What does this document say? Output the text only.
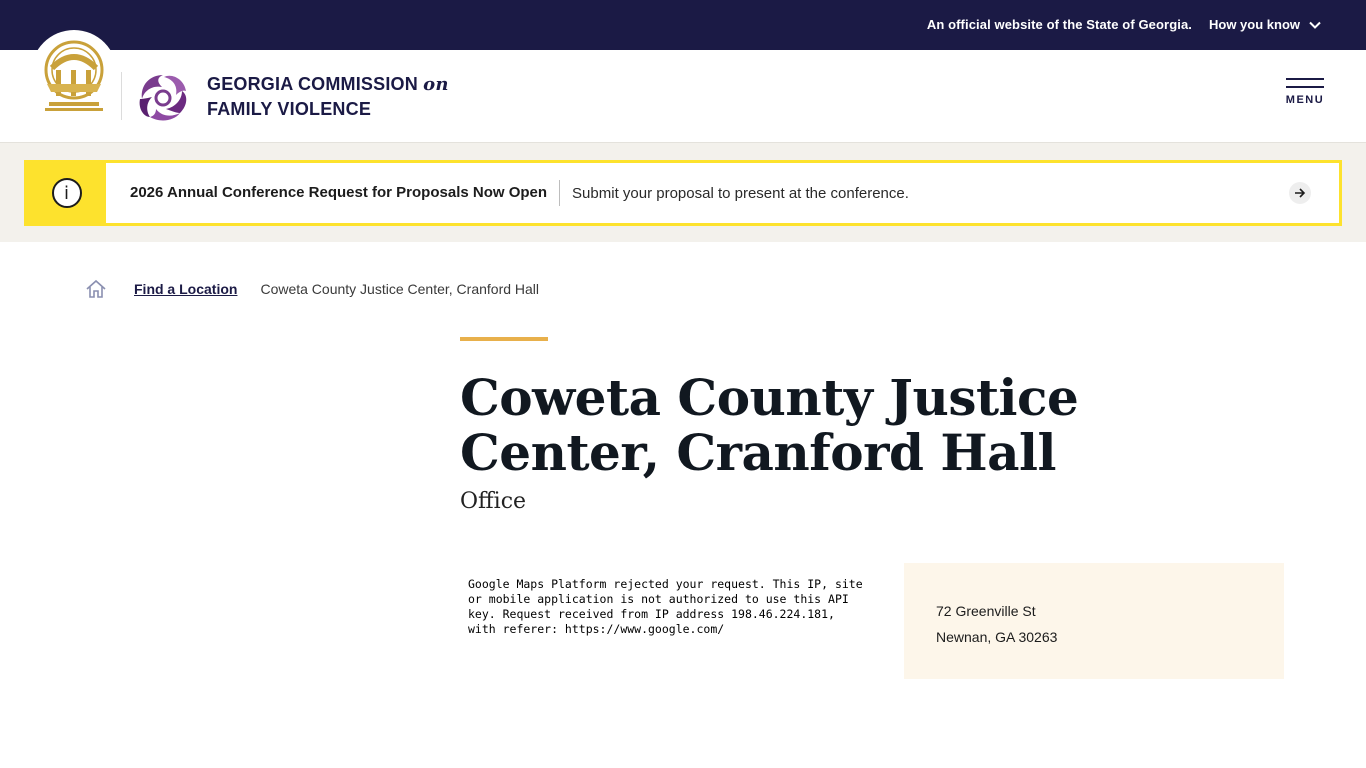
An official website of the State of Georgia. How you know
GEORGIA COMMISSION on
FAMILY VIOLENCE	MENU
i	2026 Annual Conference Request for Proposals Now Open	Submit your proposal to present at the conference.
Find a Location Coweta County Justice Center, Cranford Hall
Coweta County Justice
Center, Cranford Hall
Office
Google Maps Platform rejected your request. This IP, site or mobile application is not authorized to use this API key. Request received from IP address 198.46.224.181, with referer: https://www.google.com/
72 Greenville St
Newnan, GA 30263
